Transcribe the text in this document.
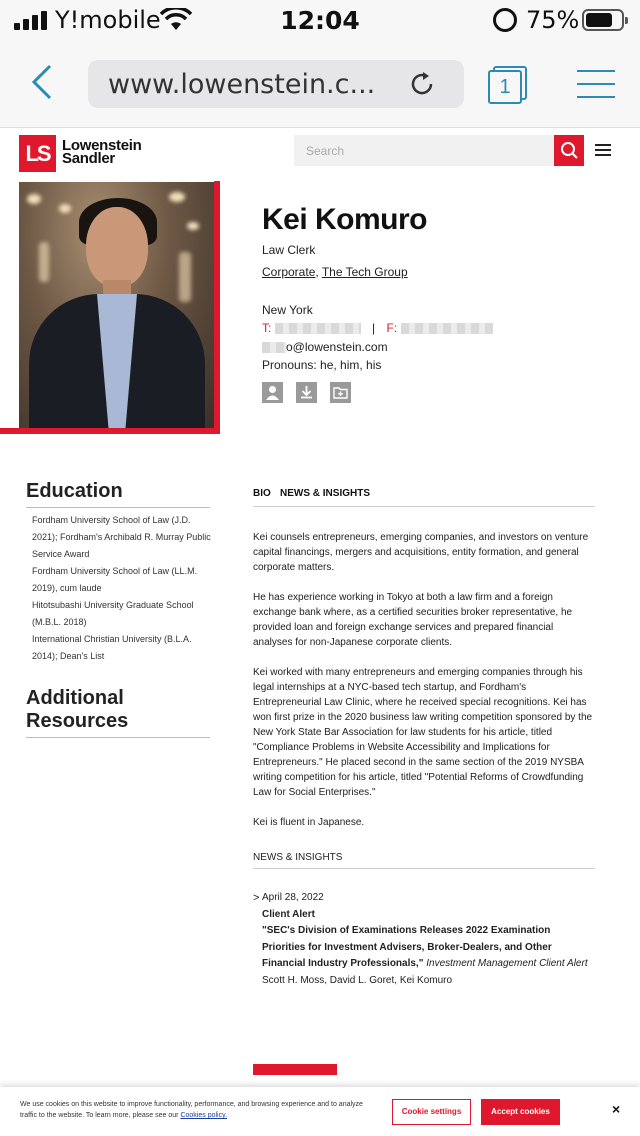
Y!mobile	12:04	75%
www.lowenstein.c...	1
LS Lowenstein
Sandler
Search
Kei Komuro
Law Clerk
Corporate, The Tech Group
New York
T:	| F:
o@lowenstein.com
Pronouns: he, him, his
Education
Fordham University School of Law (J.D. 2021); Fordham's Archibald R. Murray Public Service Award
Fordham University School of Law (LL.M. 2019), cum laude
Hitotsubashi University Graduate School (M.B.L. 2018)
International Christian University (B.L.A. 2014); Dean's List
Additional Resources
BIO NEWS & INSIGHTS

Kei counsels entrepreneurs, emerging companies, and investors on venture capital financings, mergers and acquisitions, entity formation, and general corporate matters.

He has experience working in Tokyo at both a law firm and a foreign exchange bank where, as a certified securities broker representative, he provided loan and foreign exchange services and prepared financial analyses for non-Japanese corporate clients.

Kei worked with many entrepreneurs and emerging companies through his legal internships at a NYC-based tech startup, and Fordham's Entrepreneurial Law Clinic, where he received special recognitions. Kei has won first prize in the 2020 business law writing competition sponsored by the New York State Bar Association for law students for his article, titled "Compliance Problems in Website Accessibility and Implications for Entrepreneurs." He placed second in the same section of the 2019 NYSBA writing competition for his article, titled "Potential Reforms of Crowdfunding Law for Social Enterprises."

Kei is fluent in Japanese.

NEWS & INSIGHTS
> April 28, 2022
Client Alert
"SEC's Division of Examinations Releases 2022 Examination Priorities for Investment Advisers, Broker-Dealers, and Other Financial Industry Professionals," Investment Management Client Alert
Scott H. Moss, David L. Goret, Kei Komuro
We use cookies on this website to improve functionality, performance, and browsing experience and to analyze traffic to the website. To learn more, please see our Cookies policy.	Cookie settings	Accept cookies	×
